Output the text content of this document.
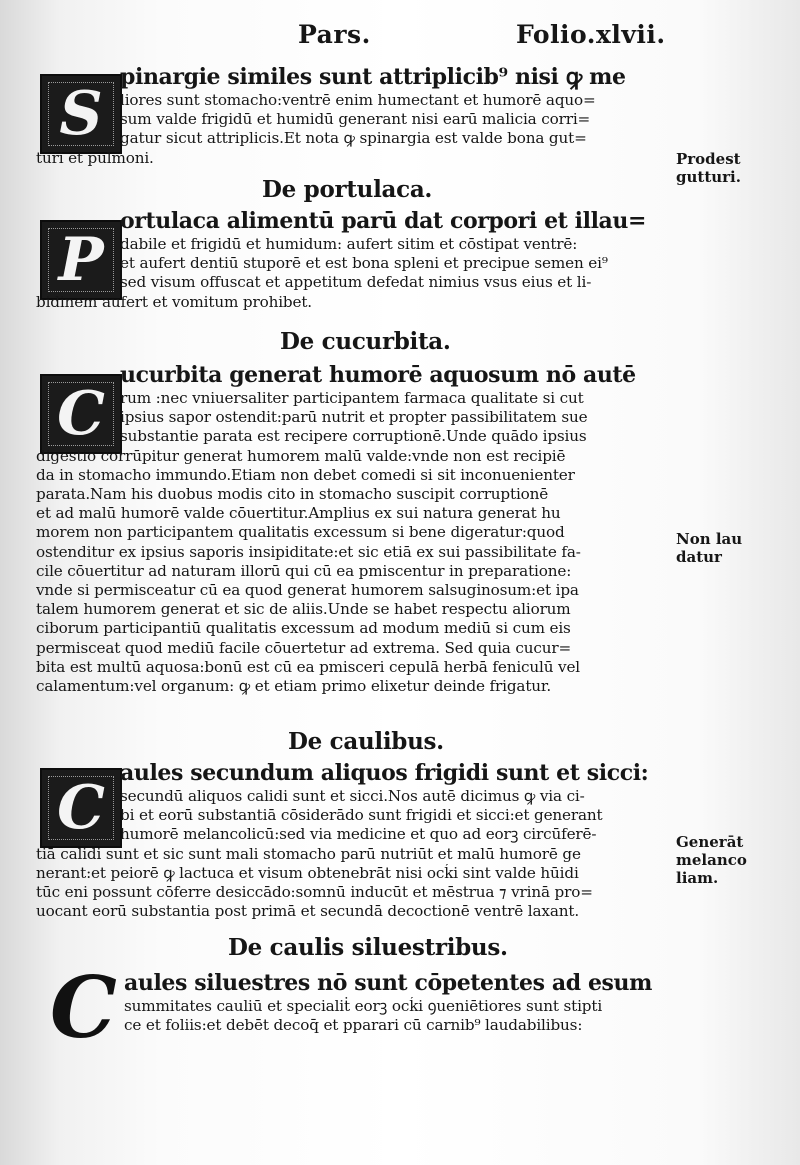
Pars.	Folio.xlvii.
S
pinargie similes sunt attriplicib⁹ nisi ꝙ me
liores sunt stomacho:ventrē enim humectant et humorē aquo=
sum valde frigidū et humidū generant nisi earū malicia corri=
gatur sicut attriplicis.Et nota ꝙ spinargia est valde bona gut=
turi et pulmoni.	Prodest
gutturi.
De portulaca.
P
ortulaca alimentū parū dat corpori et illau=
dabile et frigidū et humidum: aufert sitim et cōstipat ventrē:
et aufert dentiū stuporē et est bona spleni et precipue semen ei⁹
sed visum offuscat et appetitum defedat nimius vsus eius et li-
bidinem aufert et vomitum prohibet.
De cucurbita.
C
ucurbita generat humorē aquosum nō autē
rum :nec vniuersaliter participantem farmaca qualitate si cut
ipsius sapor ostendit:parū nutrit et propter passibilitatem sue
substantie parata est recipere corruptionē.Unde quādo ipsius
digestio corrūpitur generat humorem malū valde:vnde non est recipiē
da in stomacho immundo.Etiam non debet comedi si sit inconuenienter
parata.Nam his duobus modis cito in stomacho suscipit corruptionē
et ad malū humorē valde cōuertitur.Amplius ex sui natura generat hu
morem non participantem qualitatis excessum si bene digeratur:quod
ostenditur ex ipsius saporis insipiditate:et sic etiā ex sui passibilitate fa-
cile cōuertitur ad naturam illorū qui cū ea pmiscentur in preparatione:
vnde si permisceatur cū ea quod generat humorem salsuginosum:et ipa
talem humorem generat et sic de aliis.Unde se habet respectu aliorum
ciborum participantiū qualitatis excessum ad modum mediū si cum eis
permisceat quod mediū facile cōuertetur ad extrema. Sed quia cucur=
bita est multū aquosa:bonū est cū ea pmisceri cepulā herbā feniculū vel
calamentum:vel organum: ꝙ et etiam primo elixetur deinde frigatur.
Non lau
datur
De caulibus.
C aules secundum aliquos frigidi sunt et sicci:
secundū aliquos calidi sunt et sicci.Nos autē dicimus ꝙ via ci-
bi et eorū substantiā cōsiderādo sunt frigidi et sicci:et generant
humorē melancolicū:sed via medicine et quo ad eorꝫ circūferē-
tiā calidi sunt et sic sunt mali stomacho parū nutriūt et malū humorē ge
nerant:et peiorē ꝙ lactuca et visum obtenebrāt nisi ocḱi sint valde hūidi
tūc eni possunt cōferre desiccādo:somnū inducūt et mēstrua ⁊ vrinā pro=
uocant eorū substantia post primā et secundā decoctionē ventrē laxant.
Generāt
melanco
liam.
De caulis siluestribus.
C aules siluestres nō sunt cōpetentes ad esum
summitates cauliū et specialiṫ eorꝫ ocḱi ꝯueniētiores sunt stipti
ce et foliis:et debēt decoq̄ et pparari cū carnib⁹ laudabilibus:
